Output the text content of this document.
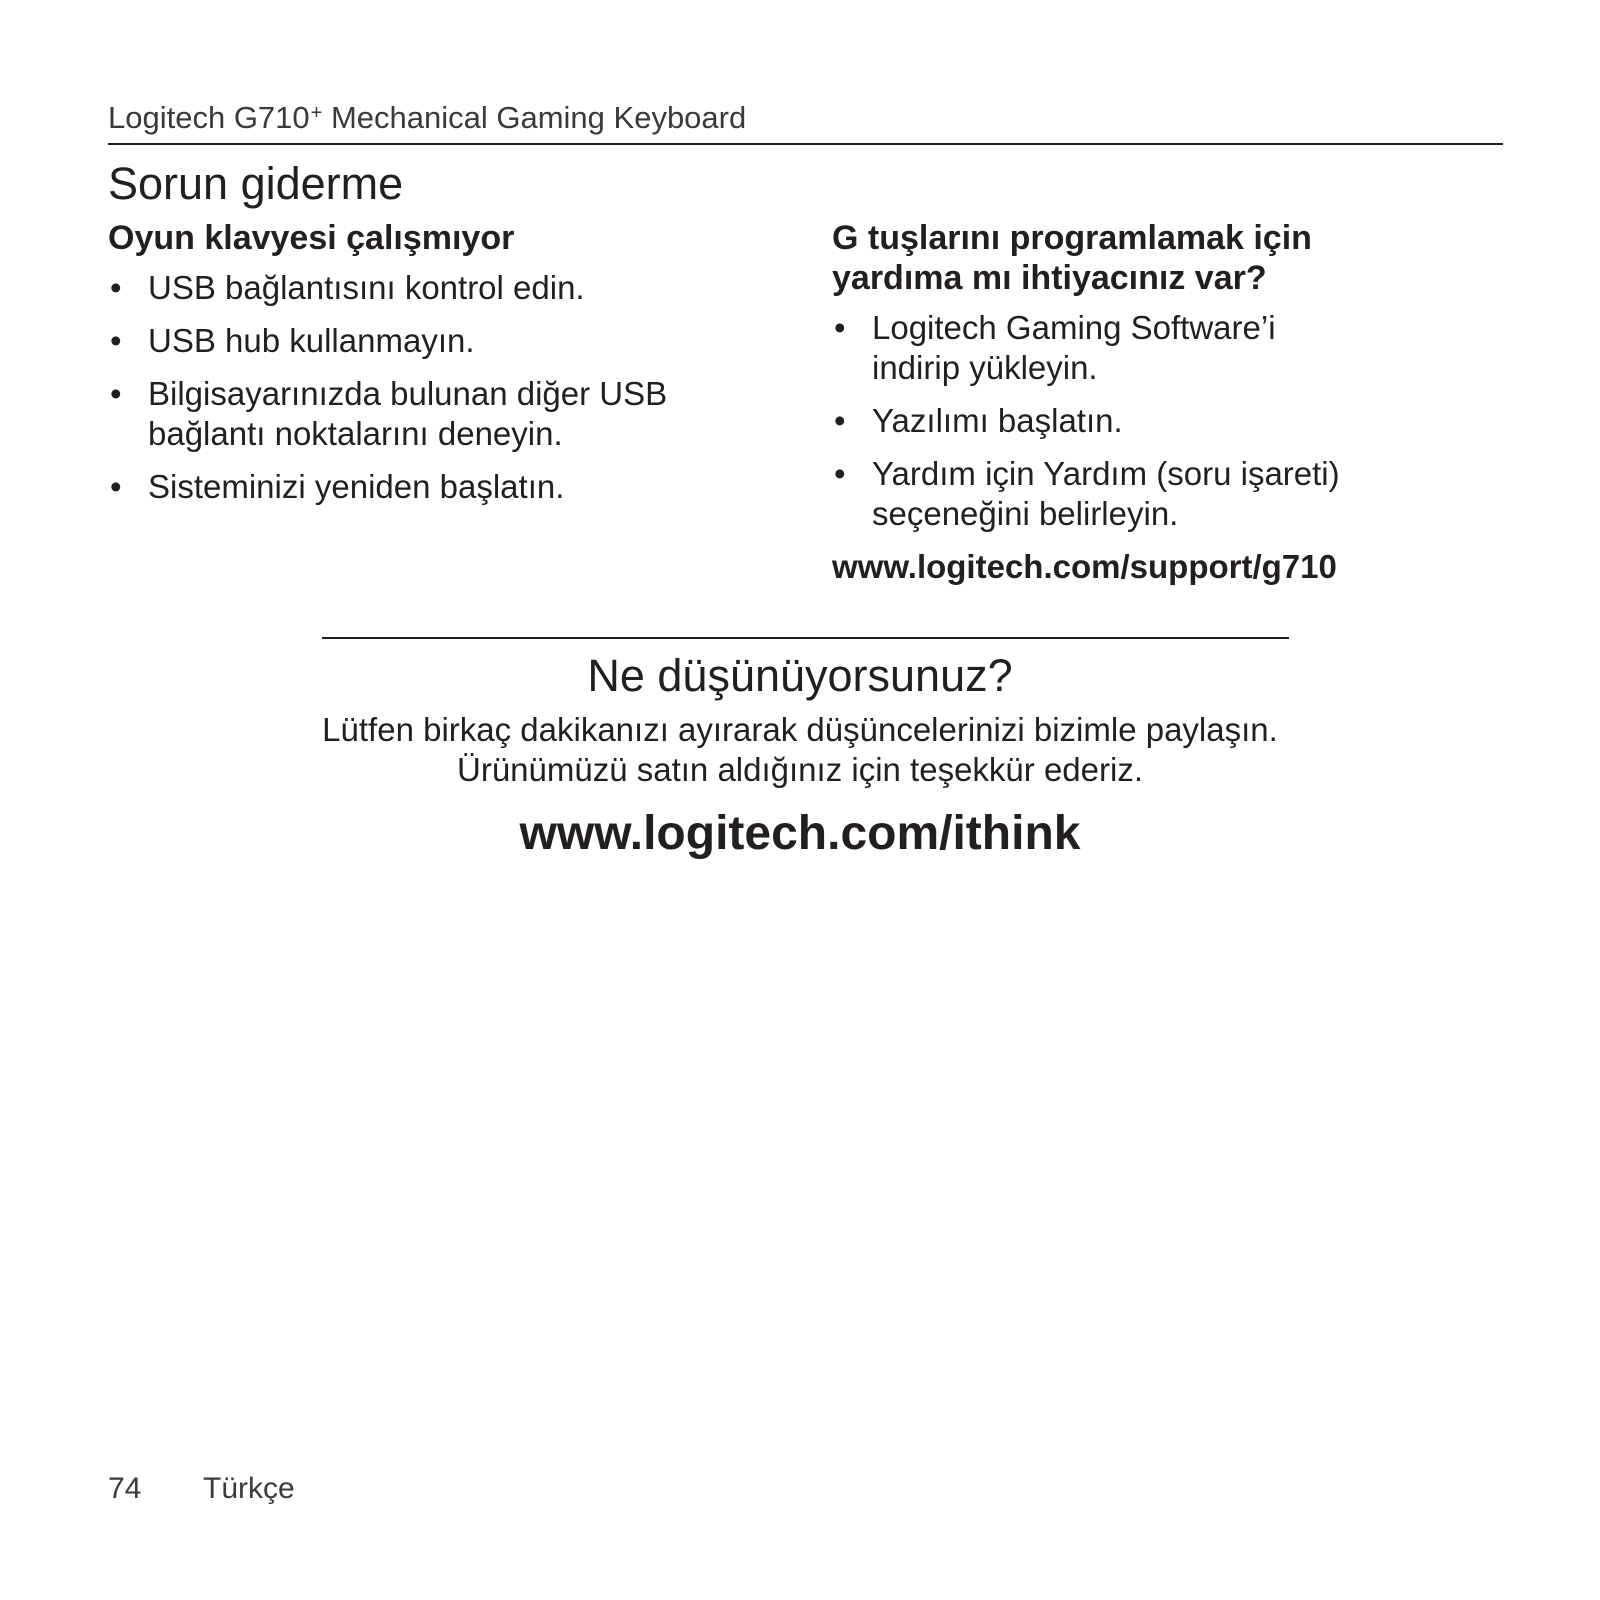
Logitech G710+ Mechanical Gaming Keyboard
Sorun giderme
Oyun klavyesi çalışmıyor
• USB bağlantısını kontrol edin.
• USB hub kullanmayın.
• Bilgisayarınızda bulunan diğer USB bağlantı noktalarını deneyin.
• Sisteminizi yeniden başlatın.
G tuşlarını programlamak için yardıma mı ihtiyacınız var?
• Logitech Gaming Software’i indirip yükleyin.
• Yazılımı başlatın.
• Yardım için Yardım (soru işareti) seçeneğini belirleyin.
www.logitech.com/support/g710
Ne düşünüyorsunuz?
Lütfen birkaç dakikanızı ayırarak düşüncelerinizi bizimle paylaşın.
Ürünümüzü satın aldığınız için teşekkür ederiz.
www.logitech.com/ithink
74 Türkçe
